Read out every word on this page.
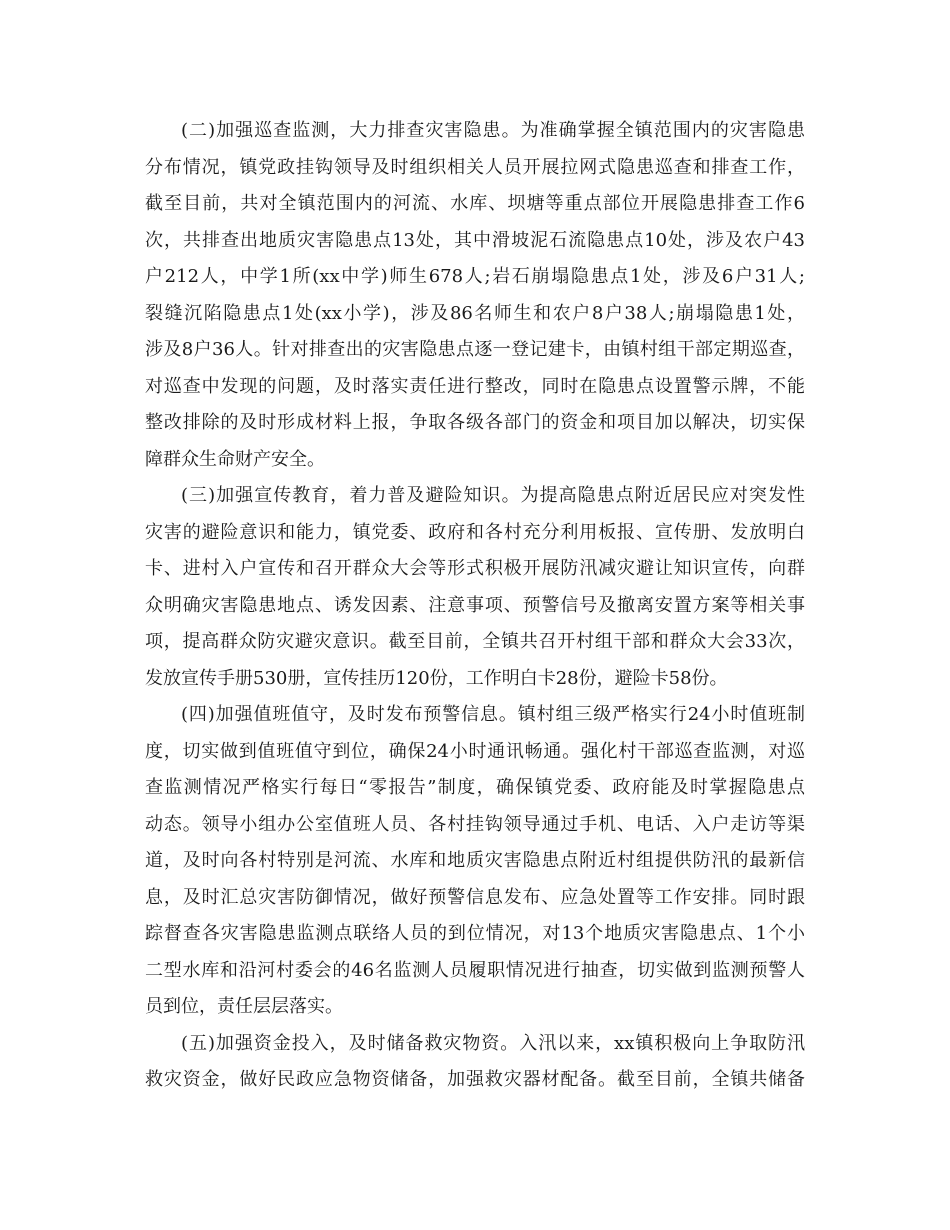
(二)加强巡查监测，大力排查灾害隐患。为准确掌握全镇范围内的灾害隐患
分布情况，镇党政挂钩领导及时组织相关人员开展拉网式隐患巡查和排查工作，
截至目前，共对全镇范围内的河流、水库、坝塘等重点部位开展隐患排查工作6
次，共排查出地质灾害隐患点13处，其中滑坡泥石流隐患点10处，涉及农户43
户212人，中学1所(xx中学)师生678人;岩石崩塌隐患点1处，涉及6户31人;
裂缝沉陷隐患点1处(xx小学)，涉及86名师生和农户8户38人;崩塌隐患1处，
涉及8户36人。针对排查出的灾害隐患点逐一登记建卡，由镇村组干部定期巡查，
对巡查中发现的问题，及时落实责任进行整改，同时在隐患点设置警示牌，不能
整改排除的及时形成材料上报，争取各级各部门的资金和项目加以解决，切实保
障群众生命财产安全。
(三)加强宣传教育，着力普及避险知识。为提高隐患点附近居民应对突发性
灾害的避险意识和能力，镇党委、政府和各村充分利用板报、宣传册、发放明白
卡、进村入户宣传和召开群众大会等形式积极开展防汛减灾避让知识宣传，向群
众明确灾害隐患地点、诱发因素、注意事项、预警信号及撤离安置方案等相关事
项，提高群众防灾避灾意识。截至目前，全镇共召开村组干部和群众大会33次，
发放宣传手册530册，宣传挂历120份，工作明白卡28份，避险卡58份。
(四)加强值班值守，及时发布预警信息。镇村组三级严格实行24小时值班制
度，切实做到值班值守到位，确保24小时通讯畅通。强化村干部巡查监测，对巡
查监测情况严格实行每日“零报告”制度，确保镇党委、政府能及时掌握隐患点
动态。领导小组办公室值班人员、各村挂钩领导通过手机、电话、入户走访等渠
道，及时向各村特别是河流、水库和地质灾害隐患点附近村组提供防汛的最新信
息，及时汇总灾害防御情况，做好预警信息发布、应急处置等工作安排。同时跟
踪督查各灾害隐患监测点联络人员的到位情况，对13个地质灾害隐患点、1个小
二型水库和沿河村委会的46名监测人员履职情况进行抽查，切实做到监测预警人
员到位，责任层层落实。
(五)加强资金投入，及时储备救灾物资。入汛以来，xx镇积极向上争取防汛
救灾资金，做好民政应急物资储备，加强救灾器材配备。截至目前，全镇共储备
